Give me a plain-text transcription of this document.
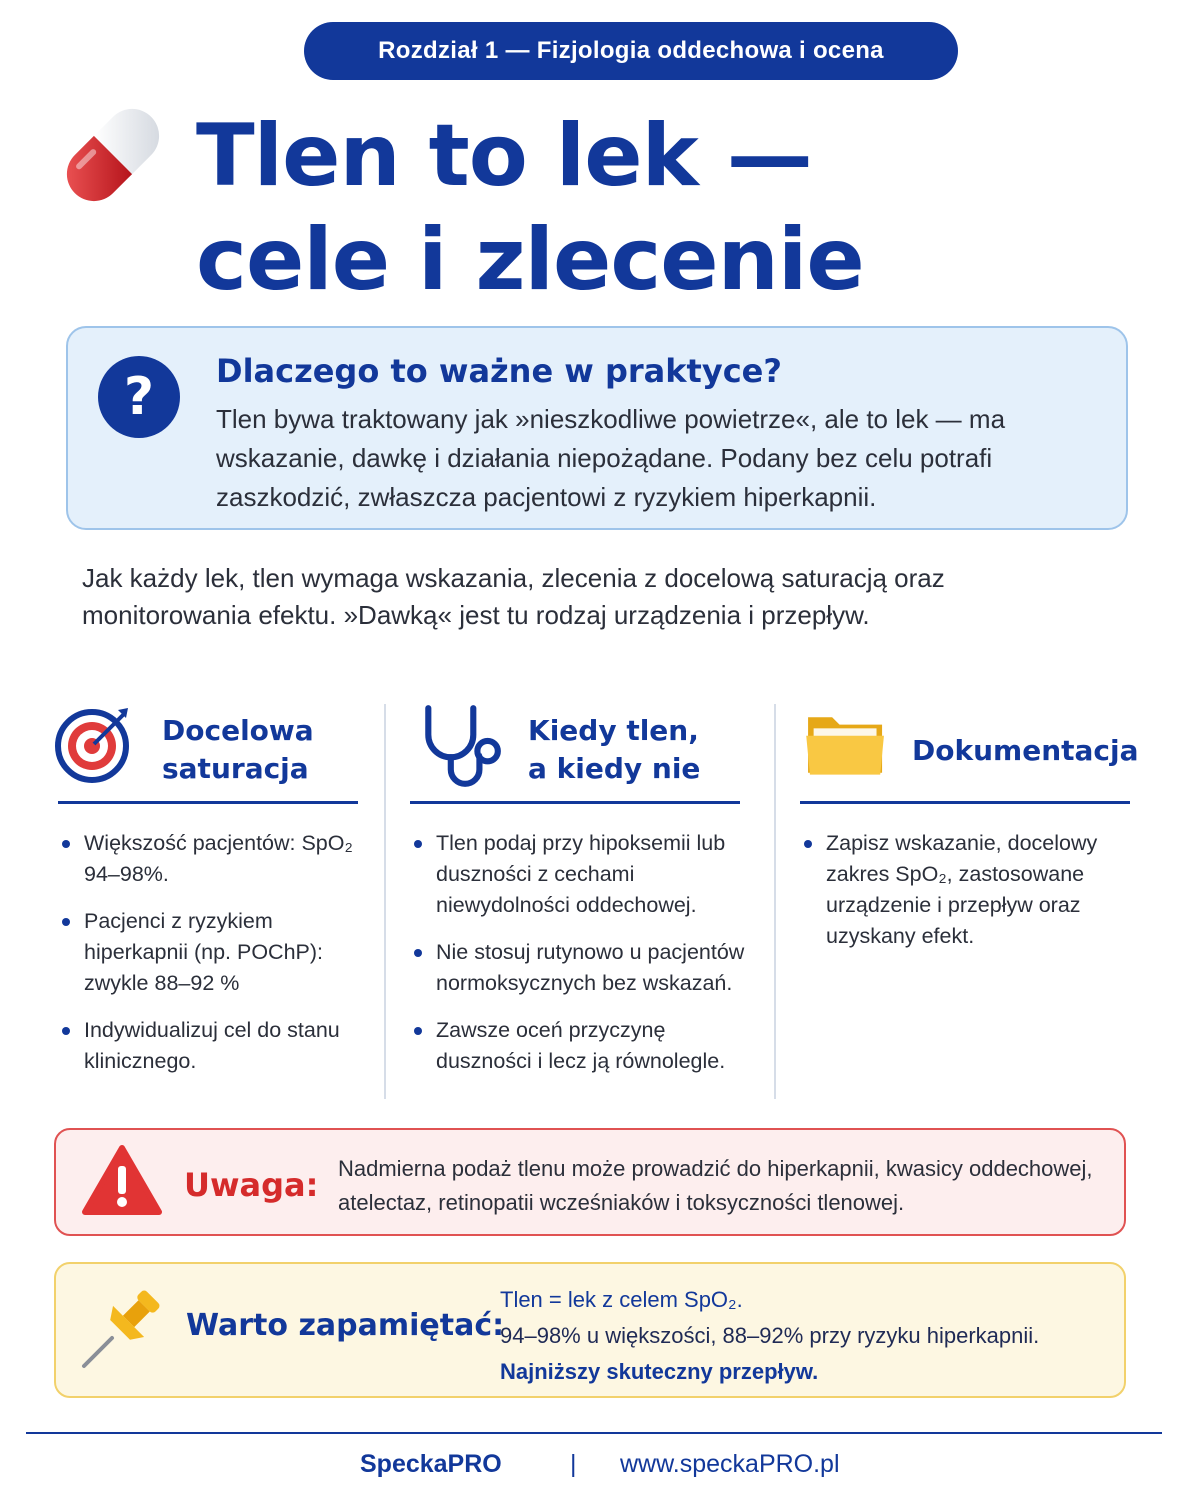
Rozdział 1 — Fizjologia oddechowa i ocena
Tlen to lek —
cele i zlecenie
?	Dlaczego to ważne w praktyce?
Tlen bywa traktowany jak »nieszkodliwe powietrze«, ale to lek — ma wskazanie, dawkę i działania niepożądane. Podany bez celu potrafi zaszkodzić, zwłaszcza pacjentowi z ryzykiem hiperkapnii.
Jak każdy lek, tlen wymaga wskazania, zlecenia z docelową saturacją oraz monitorowania efektu. »Dawką« jest tu rodzaj urządzenia i przepływ.
Docelowa
saturacja
Większość pacjentów: SpO₂ 94–98%.
Pacjenci z ryzykiem hiperkapnii (np. POChP): zwykle 88–92 %
Indywidualizuj cel do stanu klinicznego.
Kiedy tlen,
a kiedy nie
Tlen podaj przy hipoksemii lub duszności z cechami niewydolności oddechowej.
Nie stosuj rutynowo u pacjentów normoksycznych bez wskazań.
Zawsze oceń przyczynę duszności i lecz ją równolegle.
Dokumentacja
Zapisz wskazanie, docelowy zakres SpO₂, zastosowane urządzenie i przepływ oraz uzyskany efekt.
Uwaga: Nadmierna podaż tlenu może prowadzić do hiperkapnii, kwasicy oddechowej, atelectaz, retinopatii wcześniaków i toksyczności tlenowej.
Warto zapamiętać:
Tlen = lek z celem SpO₂.
94–98% u większości, 88–92% przy ryzyku hiperkapnii.
Najniższy skuteczny przepływ.
SpeckaPRO	| www.speckaPRO.pl
